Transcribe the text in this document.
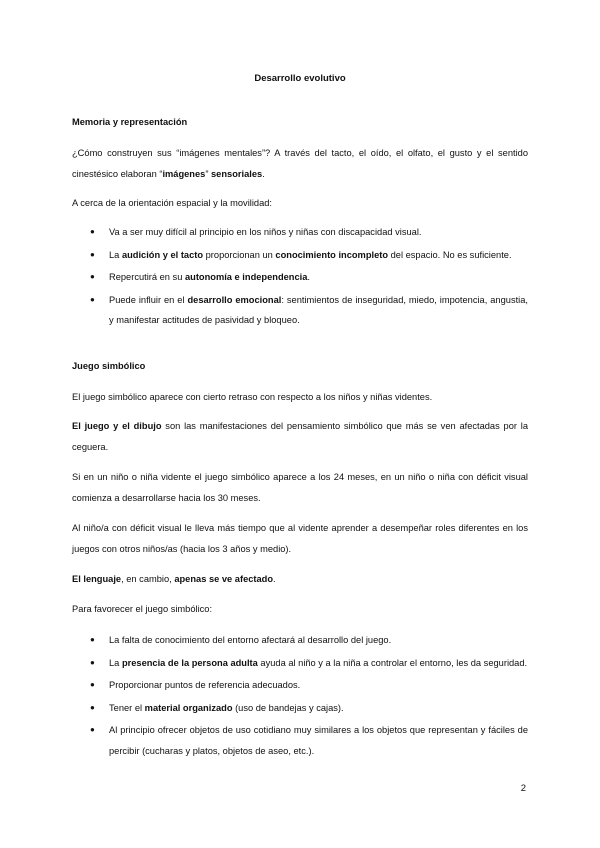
Desarrollo evolutivo

Memoria y representación

¿Cómo construyen sus “imágenes mentales”? A través del tacto, el oído, el olfato, el gusto y el sentido cinestésico elaboran “imágenes” sensoriales.

A cerca de la orientación espacial y la movilidad:

● Va a ser muy difícil al principio en los niños y niñas con discapacidad visual.
● La audición y el tacto proporcionan un conocimiento incompleto del espacio. No es suficiente.
● Repercutirá en su autonomía e independencia.
● Puede influir en el desarrollo emocional: sentimientos de inseguridad, miedo, impotencia, angustia, y manifestar actitudes de pasividad y bloqueo.

Juego simbólico

El juego simbólico aparece con cierto retraso con respecto a los niños y niñas videntes.

El juego y el dibujo son las manifestaciones del pensamiento simbólico que más se ven afectadas por la ceguera.

Si en un niño o niña vidente el juego simbólico aparece a los 24 meses, en un niño o niña con déficit visual comienza a desarrollarse hacia los 30 meses.

Al niño/a con déficit visual le lleva más tiempo que al vidente aprender a desempeñar roles diferentes en los juegos con otros niños/as (hacia los 3 años y medio).

El lenguaje, en cambio, apenas se ve afectado.

Para favorecer el juego simbólico:

● La falta de conocimiento del entorno afectará al desarrollo del juego.
● La presencia de la persona adulta ayuda al niño y a la niña a controlar el entorno, les da seguridad.
● Proporcionar puntos de referencia adecuados.
● Tener el material organizado (uso de bandejas y cajas).
● Al principio ofrecer objetos de uso cotidiano muy similares a los objetos que representan y fáciles de percibir (cucharas y platos, objetos de aseo, etc.).
2
